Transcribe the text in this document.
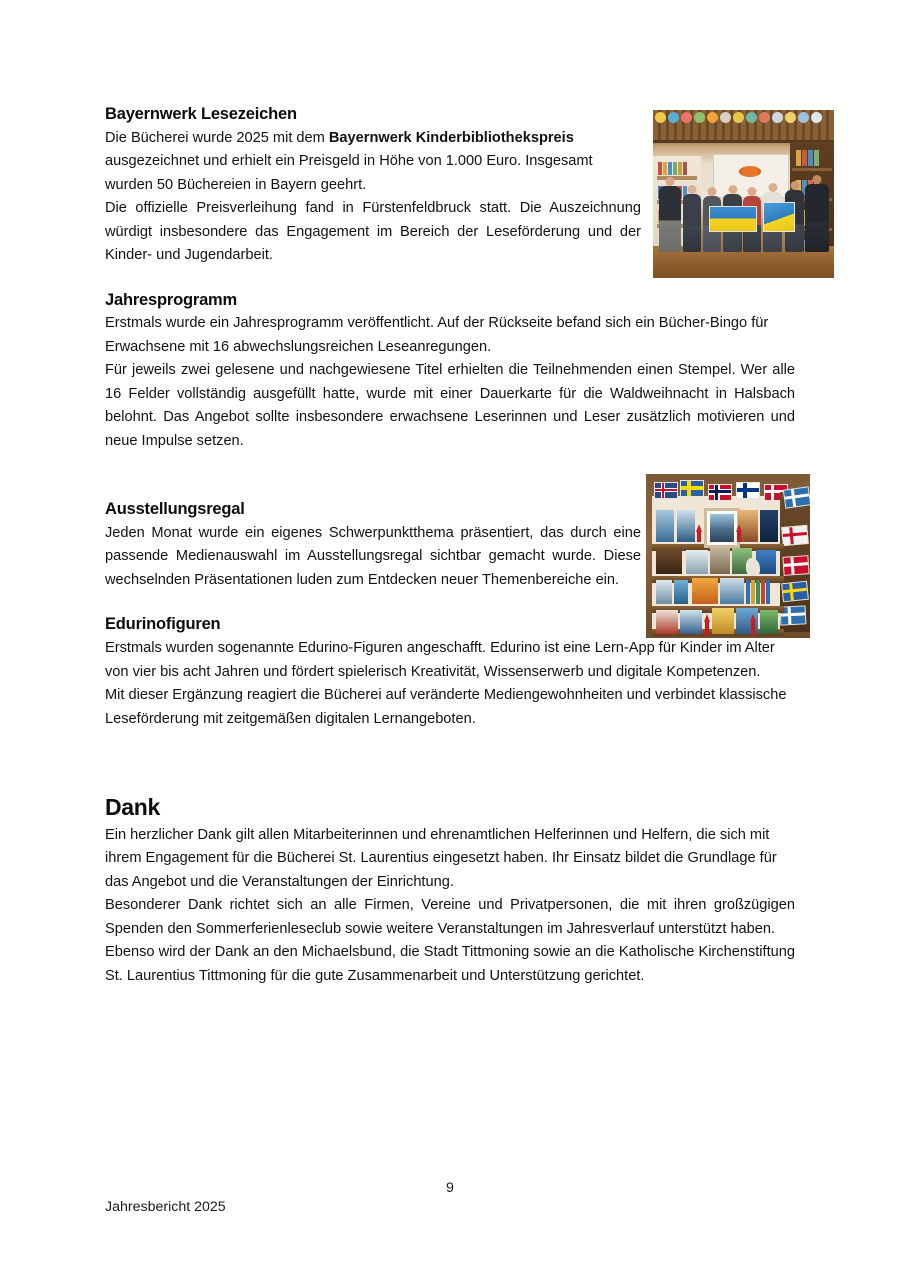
Bayernwerk Lesezeichen

Die Bücherei wurde 2025 mit dem Bayernwerk Kinderbibliothekspreis ausgezeichnet und erhielt ein Preisgeld in Höhe von 1.000 Euro. Insgesamt wurden 50 Büchereien in Bayern geehrt.

Die offizielle Preisverleihung fand in Fürstenfeldbruck statt. Die Auszeichnung würdigt insbesondere das Engagement im Bereich der Leseförderung und der Kinder- und Jugendarbeit.

Jahresprogramm

Erstmals wurde ein Jahresprogramm veröffentlicht. Auf der Rückseite befand sich ein Bücher-Bingo für Erwachsene mit 16 abwechslungsreichen Leseanregungen.

Für jeweils zwei gelesene und nachgewiesene Titel erhielten die Teilnehmenden einen Stempel. Wer alle 16 Felder vollständig ausgefüllt hatte, wurde mit einer Dauerkarte für die Waldweihnacht in Halsbach belohnt. Das Angebot sollte insbesondere erwachsene Leserinnen und Leser zusätzlich motivieren und neue Impulse setzen.

Ausstellungsregal

Jeden Monat wurde ein eigenes Schwerpunktthema präsentiert, das durch eine passende Medienauswahl im Ausstellungsregal sichtbar gemacht wurde. Diese wechselnden Präsentationen luden zum Entdecken neuer Themenbereiche ein.

Edurinofiguren

Erstmals wurden sogenannte Edurino-Figuren angeschafft. Edurino ist eine Lern-App für Kinder im Alter von vier bis acht Jahren und fördert spielerisch Kreativität, Wissenserwerb und digitale Kompetenzen.

Mit dieser Ergänzung reagiert die Bücherei auf veränderte Mediengewohnheiten und verbindet klassische Leseförderung mit zeitgemäßen digitalen Lernangeboten.

Dank

Ein herzlicher Dank gilt allen Mitarbeiterinnen und ehrenamtlichen Helferinnen und Helfern, die sich mit ihrem Engagement für die Bücherei St. Laurentius eingesetzt haben. Ihr Einsatz bildet die Grundlage für das Angebot und die Veranstaltungen der Einrichtung.

Besonderer Dank richtet sich an alle Firmen, Vereine und Privatpersonen, die mit ihren großzügigen Spenden den Sommerferienleseclub sowie weitere Veranstaltungen im Jahresverlauf unterstützt haben.

Ebenso wird der Dank an den Michaelsbund, die Stadt Tittmoning sowie an die Katholische Kirchenstiftung St. Laurentius Tittmoning für die gute Zusammenarbeit und Unterstützung gerichtet.

9
Jahresbericht 2025
